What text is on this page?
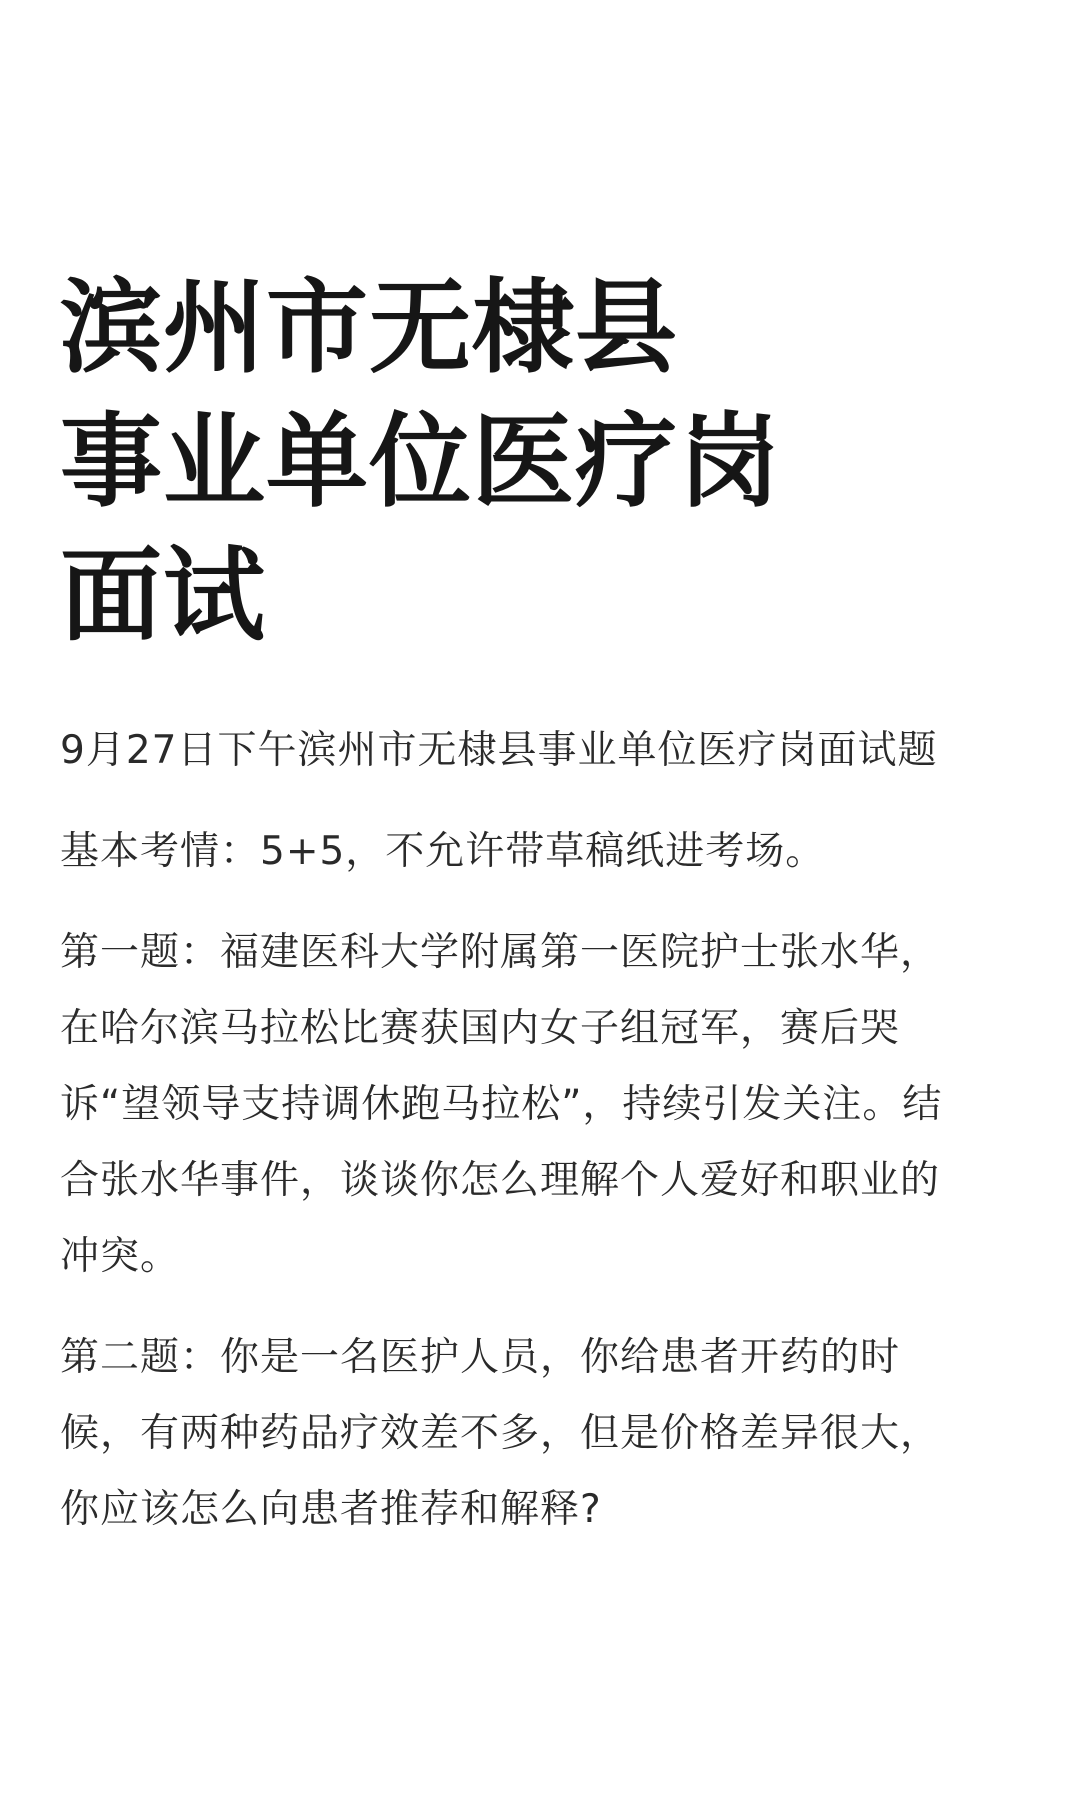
滨州市无棣县
事业单位医疗岗
面试

9月27日下午滨州市无棣县事业单位医疗岗面试题

基本考情：5+5，不允许带草稿纸进考场。

第一题：福建医科大学附属第一医院护士张水华，
在哈尔滨马拉松比赛获国内女子组冠军，赛后哭
诉“望领导支持调休跑马拉松”，持续引发关注。结
合张水华事件，谈谈你怎么理解个人爱好和职业的
冲突。

第二题：你是一名医护人员，你给患者开药的时
候，有两种药品疗效差不多，但是价格差异很大，
你应该怎么向患者推荐和解释?
